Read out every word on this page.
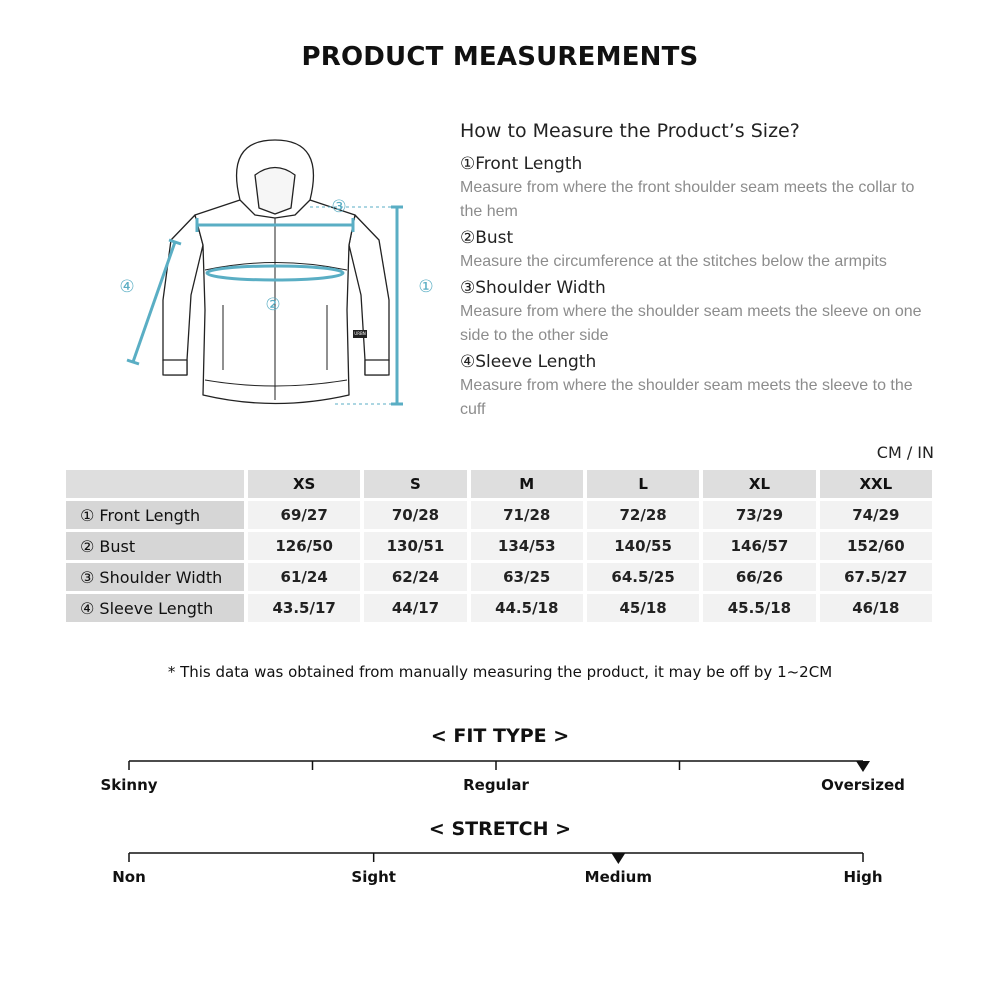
PRODUCT MEASUREMENTS
①
②
③
④
URBN
How to Measure the Product’s Size?
①Front Length
Measure from where the front shoulder seam meets the collar to the hem
②Bust
Measure the circumference at the stitches below the armpits
③Shoulder Width
Measure from where the shoulder seam meets the sleeve on one side to the other side
④Sleeve Length
Measure from where the shoulder seam meets the sleeve to the cuff
CM / IN
	XS	S	M	L	XL	XXL
① Front Length	69/27	70/28	71/28	72/28	73/29	74/29
② Bust	126/50	130/51	134/53	140/55	146/57	152/60
③ Shoulder Width	61/24	62/24	63/25	64.5/25	66/26	67.5/27
④ Sleeve Length	43.5/17	44/17	44.5/18	45/18	45.5/18	46/18
* This data was obtained from manually measuring the product, it may be off by 1~2CM
< FIT TYPE >
Skinny	Regular	Oversized
< STRETCH >
Non	Sight	Medium	High
